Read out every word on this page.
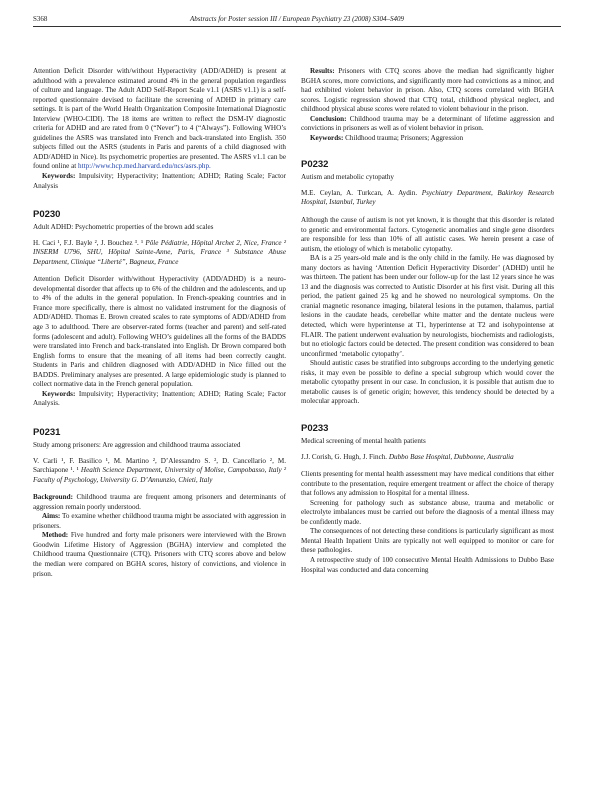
S368	Abstracts for Poster session III / European Psychiatry 23 (2008) S304–S409

Attention Deficit Disorder with/without Hyperactivity (ADD/ADHD) is present at adulthood with a prevalence estimated around 4% in the general population regardless of culture and language. The Adult ADD Self-Report Scale v1.1 (ASRS v1.1) is a self-reported questionnaire devised to facilitate the screening of ADHD in primary care settings. It is part of the World Health Organization Composite International Diagnostic Interview (WHO-CIDI). The 18 items are written to reflect the DSM-IV diagnostic criteria for ADHD and are rated from 0 (“Never”) to 4 (“Always”). Following WHO’s guidelines the ASRS was translated into French and back-translated into English. 350 subjects filled out the ASRS (students in Paris and parents of a child diagnosed with ADD/ADHD in Nice). Its psychometric properties are presented. The ASRS v1.1 can be found online at http://www.hcp.med.harvard.edu/ncs/asrs.php.

Keywords: Impulsivity; Hyperactivity; Inattention; ADHD; Rating Scale; Factor Analysis

P0230
Adult ADHD: Psychometric properties of the brown add scales
H. Caci ¹, F.J. Bayle ², J. Bouchez ³. ¹ Pôle Pédiatrie, Hôpital Archet 2, Nice, France ² INSERM U796, SHU, Hôpital Sainte-Anne, Paris, France ³ Substance Abuse Department, Clinique “Liberté”, Bagneux, France

Attention Deficit Disorder with/without Hyperactivity (ADD/ADHD) is a neuro-developmental disorder that affects up to 6% of the children and the adolescents, and up to 4% of the adults in the general population. In French-speaking countries and in France more specifically, there is almost no validated instrument for the diagnosis of ADD/ADHD. Thomas E. Brown created scales to rate symptoms of ADD/ADHD from age 3 to adulthood. There are observer-rated forms (teacher and parent) and self-rated forms (adolescent and adult). Following WHO’s guidelines all the forms of the BADDS were translated into French and back-translated into English. Dr Brown compared both English forms to ensure that the meaning of all items had been correctly caught. Students in Paris and children diagnosed with ADD/ADHD in Nice filled out the BADDS. Preliminary analyses are presented. A large epidemiologic study is planned to collect normative data in the French general population.

Keywords: Impulsivity; Hyperactivity; Inattention; ADHD; Rating Scale; Factor Analysis.

P0231
Study among prisoners: Are aggression and childhood trauma associated
V. Carli ¹, F. Basilico ¹, M. Martino ², D’Alessandro S. ², D. Cancellario ², M. Sarchiapone ¹. ¹ Health Science Department, University of Molise, Campobasso, Italy ² Faculty of Psychology, University G. D’Annunzio, Chieti, Italy

Background: Childhood trauma are frequent among prisoners and determinants of aggression remain poorly understood.

Aims: To examine whether childhood trauma might be associated with aggression in prisoners.

Method: Five hundred and forty male prisoners were interviewed with the Brown Goodwin Lifetime History of Aggression (BGHA) interview and completed the Childhood trauma Questionnaire (CTQ). Prisoners with CTQ scores above and below the median were compared on BGHA scores, history of convictions, and violence in prison.

Results: Prisoners with CTQ scores above the median had significantly higher BGHA scores, more convictions, and significantly more had convictions as a minor, and had exhibited violent behavior in prison. Also, CTQ scores correlated with BGHA scores. Logistic regression showed that CTQ total, childhood physical neglect, and childhood physical abuse scores were related to violent behaviour in the prison.

Conclusion: Childhood trauma may be a determinant of lifetime aggression and convictions in prisoners as well as of violent behavior in prison.

Keywords: Childhood trauma; Prisoners; Aggression

P0232
Autism and metabolic cytopathy
M.E. Ceylan, A. Turkcan, A. Aydin. Psychiatry Department, Bakirkoy Research Hospital, Istanbul, Turkey

Although the cause of autism is not yet known, it is thought that this disorder is related to genetic and environmental factors. Cytogenetic anomalies and single gene disorders are responsible for less than 10% of all autistic cases. We herein present a case of autism, the etiology of which is metabolic cytopathy.

BA is a 25 years-old male and is the only child in the family. He was diagnosed by many doctors as having ‘Attention Deficit Hyperactivity Disorder’ (ADHD) until he was thirteen. The patient has been under our follow-up for the last 12 years since he was 13 and the diagnosis was corrected to Autistic Disorder at his first visit. During all this period, the patient gained 25 kg and he showed no neurological symptoms. On the cranial magnetic resonance imaging, bilateral lesions in the putamen, thalamus, partial lesions in the caudate heads, cerebellar white matter and the dentate nucleus were detected, which were hyperintense at T1, hyperintense at T2 and isohypointense at FLAIR. The patient underwent evaluation by neurologists, biochemists and radiologists, but no etiologic factors could be detected. The present condition was considered to bean unconfirmed ‘metabolic cytopathy’.

Should autistic cases be stratified into subgroups according to the underlying genetic risks, it may even be possible to define a special subgroup which would cover the metabolic cytopathy present in our case. In conclusion, it is possible that autism due to metabolic causes is of genetic origin; however, this tendency should be detected by a molecular approach.

P0233
Medical screening of mental health patients
J.J. Corish, G. Hugh, J. Finch. Dubbo Base Hospital, Dubbonne, Australia

Clients presenting for mental health assessment may have medical conditions that either contribute to the presentation, require emergent treatment or affect the choice of therapy that follows any admission to Hospital for a mental illness.

Screening for pathology such as substance abuse, trauma and metabolic or electrolyte imbalances must be carried out before the diagnosis of a mental illness may be confidently made.

The consequences of not detecting these conditions is particularly significant as most Mental Health Inpatient Units are typically not well equipped to monitor or care for these pathologies.

A retrospective study of 100 consecutive Mental Health Admissions to Dubbo Base Hospital was conducted and data concerning
